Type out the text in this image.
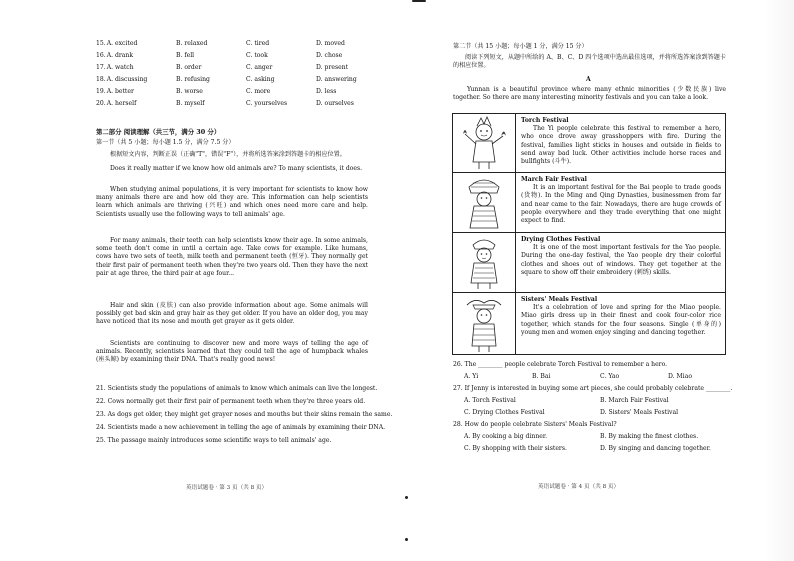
15.A. excited	B. relaxed	C. tired	D. moved
16.A. drank	B. fell	C. took	D. chose
17.A. watch	B. order	C. anger	D. present
18.A. discussing	B. refusing	C. asking	D. answering
19.A. better	B. worse	C. more	D. less
20.A. herself	B. myself	C. yourselves	D. ourselves
第二部分 阅读理解（共三节，满分 30 分）
第一节（共 5 小题；每小题 1.5 分，满分 7.5 分）
根据短文内容，判断正误（正确"T"，错误"F"），并将所选答案涂到答题卡的相应位置。
Does it really matter if we know how old animals are? To many scientists, it does.
When studying animal populations, it is very important for scientists to know how many animals there are and how old they are. This information can help scientists learn which animals are thriving (兴旺) and which ones need more care and help. Scientists usually use the following ways to tell animals' age.
For many animals, their teeth can help scientists know their age. In some animals, some teeth don't come in until a certain age. Take cows for example. Like humans, cows have two sets of teeth, milk teeth and permanent teeth (恒牙). They normally get their first pair of permanent teeth when they're two years old. Then they have the next pair at age three, the third pair at age four...
Hair and skin (皮肤) can also provide information about age. Some animals will possibly get bad skin and gray hair as they get older. If you have an older dog, you may have noticed that its nose and mouth get grayer as it gets older.
Scientists are continuing to discover new and more ways of telling the age of animals. Recently, scientists learned that they could tell the age of humpback whales (座头鲸) by examining their DNA. That's really good news!
21. Scientists study the populations of animals to know which animals can live the longest.
22. Cows normally get their first pair of permanent teeth when they're three years old.
23. As dogs get older, they might get grayer noses and mouths but their skins remain the same.
24. Scientists made a new achievement in telling the age of animals by examining their DNA.
25. The passage mainly introduces some scientific ways to tell animals' age.
英语试题卷 · 第 3 页（共 8 页）
第二节（共 15 小题；每小题 1 分，满分 15 分）
阅读下列短文，从题中所给的 A、B、C、D 四个选项中选出最佳选项，并将所选答案涂到答题卡的相应位置。
A
Yunnan is a beautiful province where many ethnic minorities (少数民族) live together. So there are many interesting minority festivals and you can take a look.
Torch Festival
The Yi people celebrate this festival to remember a hero, who once drove away grasshoppers with fire. During the festival, families light sticks in houses and outside in fields to send away bad luck. Other activities include horse races and bullfights (斗牛).
March Fair Festival
It is an important festival for the Bai people to trade goods (货物). In the Ming and Qing Dynasties, businessmen from far and near came to the fair. Nowadays, there are huge crowds of people everywhere and they trade everything that one might expect to find.
Drying Clothes Festival
It is one of the most important festivals for the Yao people. During the one-day festival, the Yao people dry their colorful clothes and shoes out of windows. They get together at the square to show off their embroidery (刺绣) skills.
Sisters' Meals Festival
It's a celebration of love and spring for the Miao people. Miao girls dress up in their finest and cook four-color rice together, which stands for the four seasons. Single (单身的) young men and women enjoy singing and dancing together.
26. The ________ people celebrate Torch Festival to remember a hero.
A. Yi	B. Bai	C. Yao	D. Miao
27. If Jenny is interested in buying some art pieces, she could probably celebrate ________.
A. Torch Festival	B. March Fair Festival
C. Drying Clothes Festival	D. Sisters' Meals Festival
28. How do people celebrate Sisters' Meals Festival?
A. By cooking a big dinner.	B. By making the finest clothes.
C. By shopping with their sisters.	D. By singing and dancing together.
英语试题卷 · 第 4 页（共 8 页）
